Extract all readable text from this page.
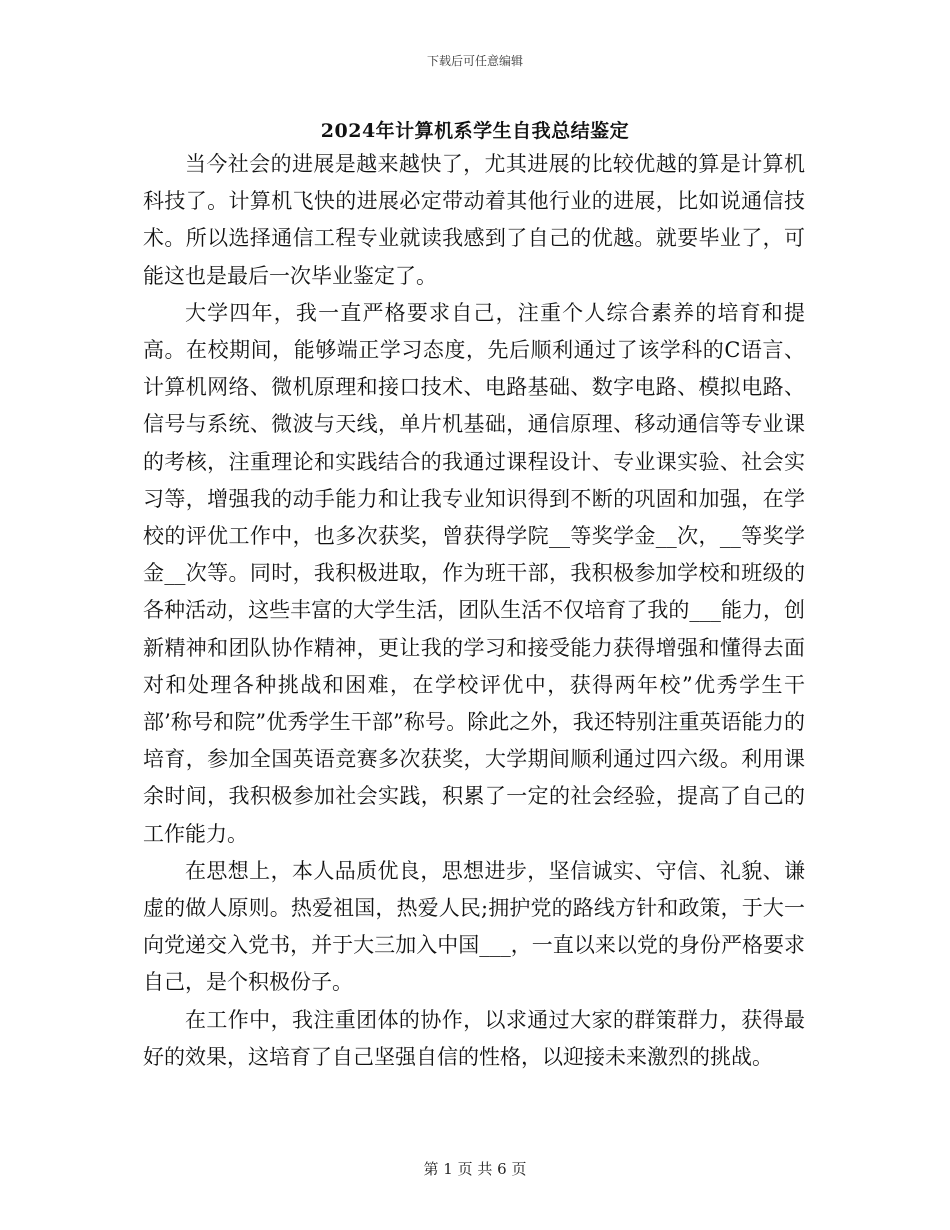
下载后可任意编辑
2024年计算机系学生自我总结鉴定

当今社会的进展是越来越快了，尤其进展的比较优越的算是计算机科技了。计算机飞快的进展必定带动着其他行业的进展，比如说通信技术。所以选择通信工程专业就读我感到了自己的优越。就要毕业了，可能这也是最后一次毕业鉴定了。

大学四年，我一直严格要求自己，注重个人综合素养的培育和提高。在校期间，能够端正学习态度，先后顺利通过了该学科的C语言、计算机网络、微机原理和接口技术、电路基础、数字电路、模拟电路、信号与系统、微波与天线，单片机基础，通信原理、移动通信等专业课的考核，注重理论和实践结合的我通过课程设计、专业课实验、社会实习等，增强我的动手能力和让我专业知识得到不断的巩固和加强，在学校的评优工作中，也多次获奖，曾获得学院__等奖学金__次，__等奖学金__次等。同时，我积极进取，作为班干部，我积极参加学校和班级的各种活动，这些丰富的大学生活，团队生活不仅培育了我的___能力，创新精神和团队协作精神，更让我的学习和接受能力获得增强和懂得去面对和处理各种挑战和困难，在学校评优中，获得两年校”优秀学生干部’称号和院”优秀学生干部”称号。除此之外，我还特别注重英语能力的培育，参加全国英语竞赛多次获奖，大学期间顺利通过四六级。利用课余时间，我积极参加社会实践，积累了一定的社会经验，提高了自己的工作能力。

在思想上，本人品质优良，思想进步，坚信诚实、守信、礼貌、谦虚的做人原则。热爱祖国，热爱人民;拥护党的路线方针和政策，于大一向党递交入党书，并于大三加入中国___，一直以来以党的身份严格要求自己，是个积极份子。

在工作中，我注重团体的协作，以求通过大家的群策群力，获得最好的效果，这培育了自己坚强自信的性格，以迎接未来激烈的挑战。

第 1 页 共 6 页
